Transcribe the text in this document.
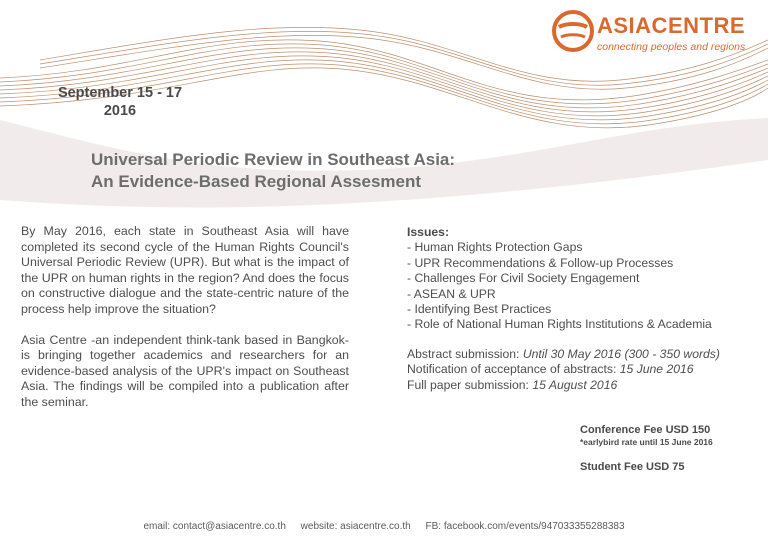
ASIACENTRE
connecting peoples and regions
September 15 - 17
2016
Universal Periodic Review in Southeast Asia:
An Evidence-Based Regional Assesment

By May 2016, each state in Southeast Asia will have completed its second cycle of the Human Rights Council's Universal Periodic Review (UPR). But what is the impact of the UPR on human rights in the region? And does the focus on constructive dialogue and the state-centric nature of the process help improve the situation?

Asia Centre -an independent think-tank based in Bangkok- is bringing together academics and researchers for an evidence-based analysis of the UPR's impact on Southeast Asia. The findings will be compiled into a publication after the seminar.

Issues:
- Human Rights Protection Gaps
- UPR Recommendations & Follow-up Processes
- Challenges For Civil Society Engagement
- ASEAN & UPR
- Identifying Best Practices
- Role of National Human Rights Institutions & Academia
Abstract submission: Until 30 May 2016 (300 - 350 words)
Notification of acceptance of abstracts: 15 June 2016
Full paper submission: 15 August 2016
Conference Fee USD 150
*earlybird rate until 15 June 2016
Student Fee USD 75
email: contact@asiacentre.co.th website: asiacentre.co.th FB: facebook.com/events/947033355288383
